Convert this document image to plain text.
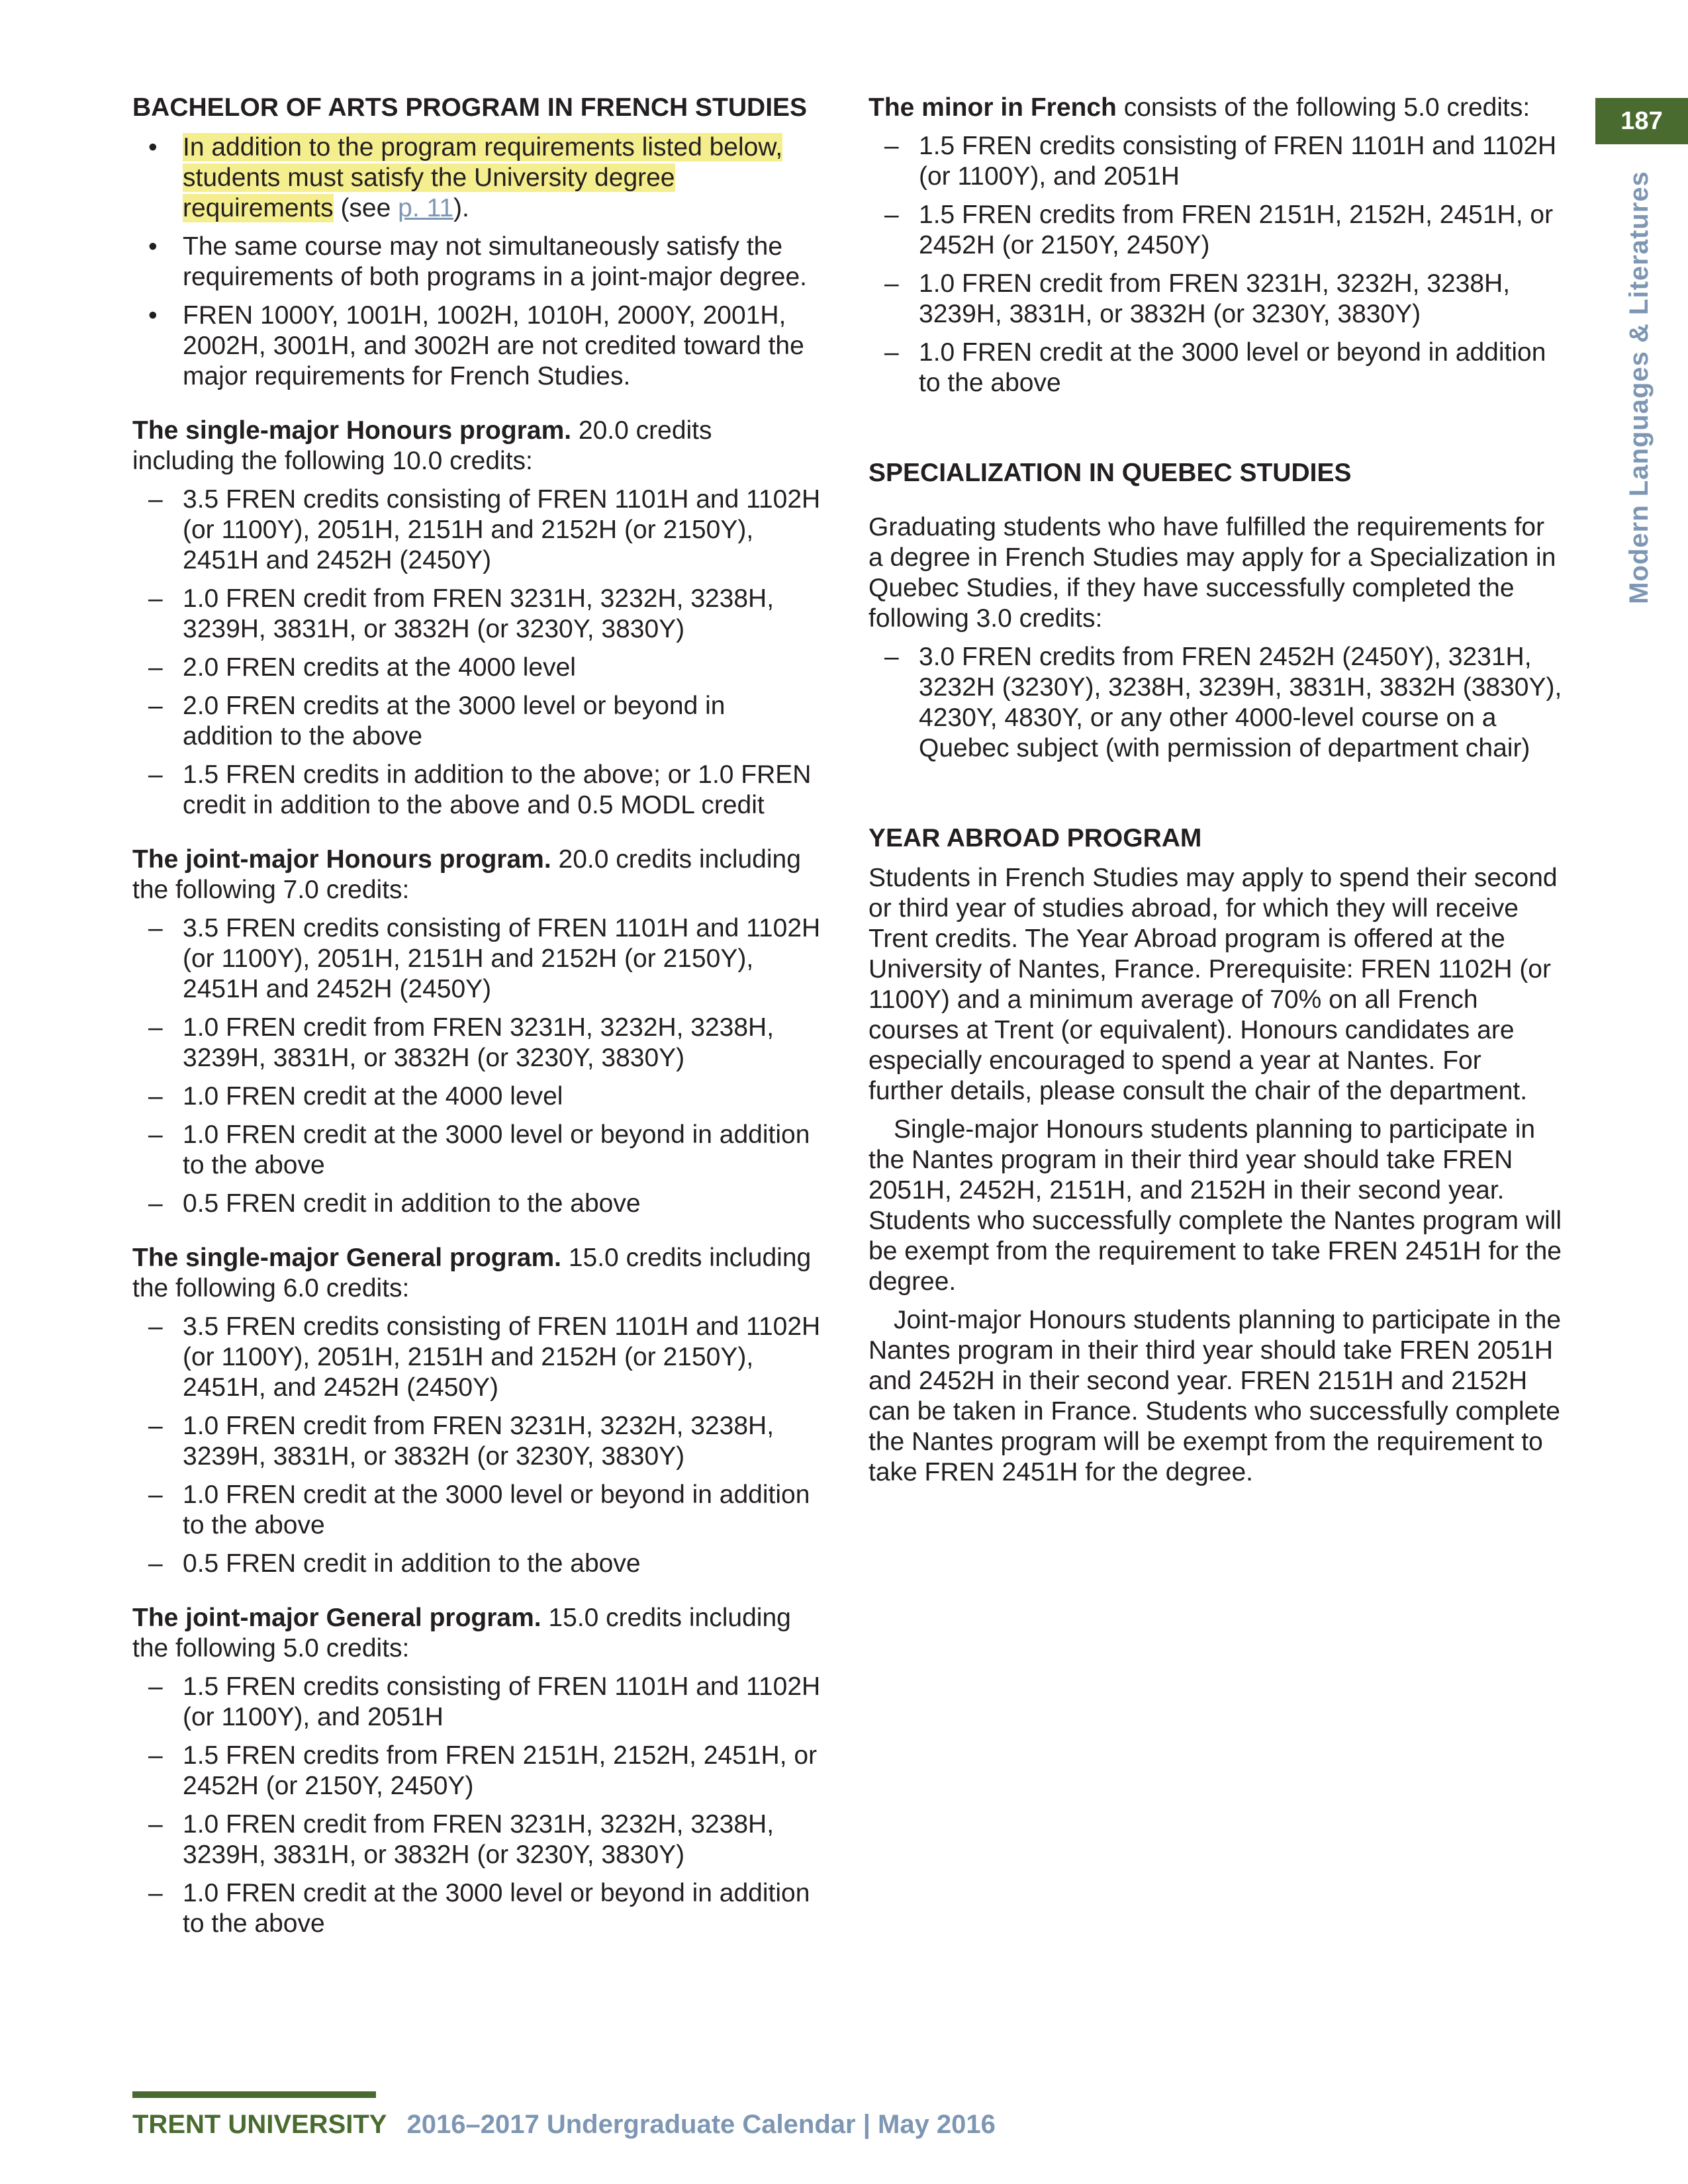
187
Modern Languages & Literatures
BACHELOR OF ARTS PROGRAM IN FRENCH STUDIES
• In addition to the program requirements listed below, students must satisfy the University degree requirements (see p. 11).
• The same course may not simultaneously satisfy the requirements of both programs in a joint-major degree.
• FREN 1000Y, 1001H, 1002H, 1010H, 2000Y, 2001H, 2002H, 3001H, and 3002H are not credited toward the major requirements for French Studies.

The single-major Honours program. 20.0 credits including the following 10.0 credits:

– 3.5 FREN credits consisting of FREN 1101H and 1102H (or 1100Y), 2051H, 2151H and 2152H (or 2150Y), 2451H and 2452H (2450Y)
– 1.0 FREN credit from FREN 3231H, 3232H, 3238H, 3239H, 3831H, or 3832H (or 3230Y, 3830Y)
– 2.0 FREN credits at the 4000 level
– 2.0 FREN credits at the 3000 level or beyond in addition to the above
– 1.5 FREN credits in addition to the above; or 1.0 FREN credit in addition to the above and 0.5 MODL credit

The joint-major Honours program. 20.0 credits including the following 7.0 credits:

– 3.5 FREN credits consisting of FREN 1101H and 1102H (or 1100Y), 2051H, 2151H and 2152H (or 2150Y), 2451H and 2452H (2450Y)
– 1.0 FREN credit from FREN 3231H, 3232H, 3238H, 3239H, 3831H, or 3832H (or 3230Y, 3830Y)
– 1.0 FREN credit at the 4000 level
– 1.0 FREN credit at the 3000 level or beyond in addition to the above
– 0.5 FREN credit in addition to the above

The single-major General program. 15.0 credits including the following 6.0 credits:

– 3.5 FREN credits consisting of FREN 1101H and 1102H (or 1100Y), 2051H, 2151H and 2152H (or 2150Y), 2451H, and 2452H (2450Y)
– 1.0 FREN credit from FREN 3231H, 3232H, 3238H, 3239H, 3831H, or 3832H (or 3230Y, 3830Y)
– 1.0 FREN credit at the 3000 level or beyond in addition to the above
– 0.5 FREN credit in addition to the above

The joint-major General program. 15.0 credits including the following 5.0 credits:

– 1.5 FREN credits consisting of FREN 1101H and 1102H (or 1100Y), and 2051H
– 1.5 FREN credits from FREN 2151H, 2152H, 2451H, or 2452H (or 2150Y, 2450Y)
– 1.0 FREN credit from FREN 3231H, 3232H, 3238H, 3239H, 3831H, or 3832H (or 3230Y, 3830Y)
– 1.0 FREN credit at the 3000 level or beyond in addition to the above

The minor in French consists of the following 5.0 credits:

– 1.5 FREN credits consisting of FREN 1101H and 1102H (or 1100Y), and 2051H
– 1.5 FREN credits from FREN 2151H, 2152H, 2451H, or 2452H (or 2150Y, 2450Y)
– 1.0 FREN credit from FREN 3231H, 3232H, 3238H, 3239H, 3831H, or 3832H (or 3230Y, 3830Y)
– 1.0 FREN credit at the 3000 level or beyond in addition to the above
SPECIALIZATION IN QUEBEC STUDIES

Graduating students who have fulfilled the requirements for a degree in French Studies may apply for a Specialization in Quebec Studies, if they have successfully completed the following 3.0 credits:

– 3.0 FREN credits from FREN 2452H (2450Y), 3231H, 3232H (3230Y), 3238H, 3239H, 3831H, 3832H (3830Y), 4230Y, 4830Y, or any other 4000-level course on a Quebec subject (with permission of department chair)
YEAR ABROAD PROGRAM

Students in French Studies may apply to spend their second or third year of studies abroad, for which they will receive Trent credits. The Year Abroad program is offered at the University of Nantes, France. Prerequisite: FREN 1102H (or 1100Y) and a minimum average of 70% on all French courses at Trent (or equivalent). Honours candidates are especially encouraged to spend a year at Nantes. For further details, please consult the chair of the department.

Single-major Honours students planning to participate in the Nantes program in their third year should take FREN 2051H, 2452H, 2151H, and 2152H in their second year. Students who successfully complete the Nantes program will be exempt from the requirement to take FREN 2451H for the degree.

Joint-major Honours students planning to participate in the Nantes program in their third year should take FREN 2051H and 2452H in their second year. FREN 2151H and 2152H can be taken in France. Students who successfully complete the Nantes program will be exempt from the requirement to take FREN 2451H for the degree.

TRENT UNIVERSITY 2016–2017 Undergraduate Calendar | May 2016
